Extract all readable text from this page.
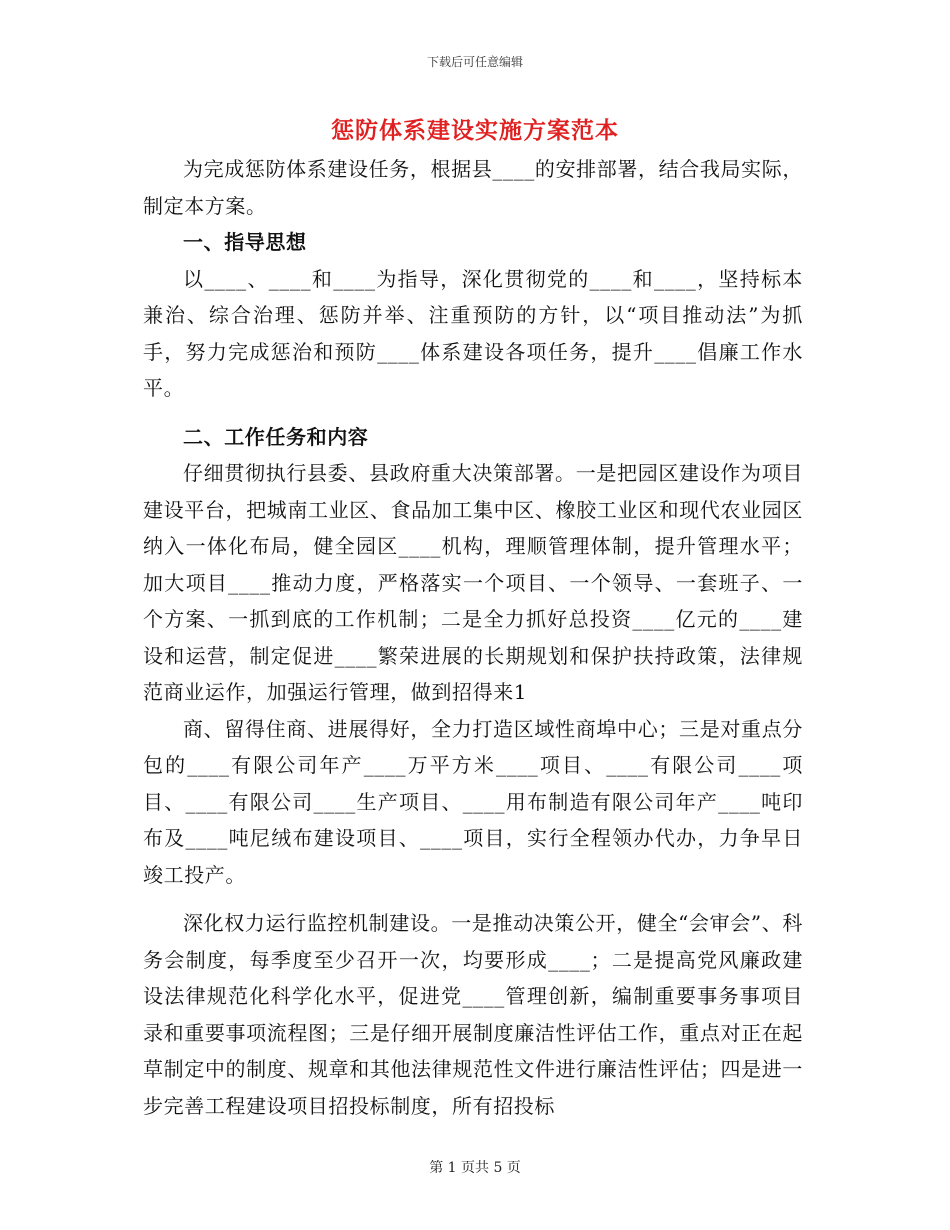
下载后可任意编辑
惩防体系建设实施方案范本

为完成惩防体系建设任务，根据县____的安排部署，结合我局实际，制定本方案。

一、指导思想

以____、____和____为指导，深化贯彻党的____和____，坚持标本兼治、综合治理、惩防并举、注重预防的方针，以“项目推动法”为抓手，努力完成惩治和预防____体系建设各项任务，提升____倡廉工作水平。

二、工作任务和内容

仔细贯彻执行县委、县政府重大决策部署。一是把园区建设作为项目建设平台，把城南工业区、食品加工集中区、橡胶工业区和现代农业园区纳入一体化布局，健全园区____机构，理顺管理体制，提升管理水平；加大项目____推动力度，严格落实一个项目、一个领导、一套班子、一个方案、一抓到底的工作机制；二是全力抓好总投资____亿元的____建设和运营，制定促进____繁荣进展的长期规划和保护扶持政策，法律规范商业运作，加强运行管理，做到招得来1

商、留得住商、进展得好，全力打造区域性商埠中心；三是对重点分包的____有限公司年产____万平方米____项目、____有限公司____项目、____有限公司____生产项目、____用布制造有限公司年产____吨印布及____吨尼绒布建设项目、____项目，实行全程领办代办，力争早日竣工投产。

深化权力运行监控机制建设。一是推动决策公开，健全“会审会”、科务会制度，每季度至少召开一次，均要形成____；二是提高党风廉政建设法律规范化科学化水平，促进党____管理创新，编制重要事务事项目录和重要事项流程图；三是仔细开展制度廉洁性评估工作，重点对正在起草制定中的制度、规章和其他法律规范性文件进行廉洁性评估；四是进一步完善工程建设项目招投标制度，所有招投标

第 1 页共 5 页
